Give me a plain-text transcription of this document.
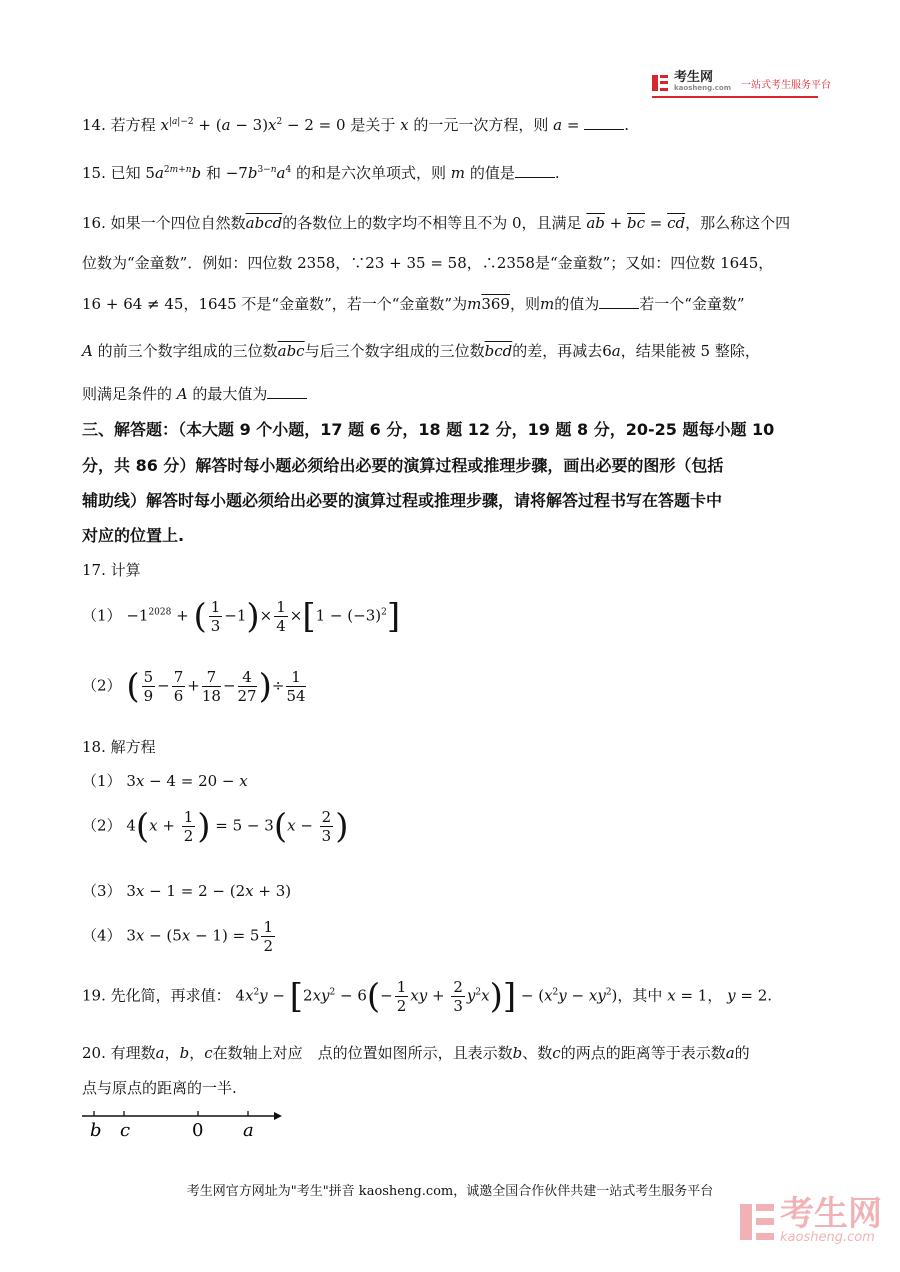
考生网
kaosheng.com 一站式考生服务平台
14. 若方程 $x^{|a|-2} + (a - 3)x^2 - 2 = 0$ 是关于 x 的一元一次方程，则 a =	.
15. 已知 $5a^{2m+n}b$ 和 $-7b^{3-n}a^4$ 的和是六次单项式，则 m 的值是	.
16. 如果一个四位自然数abcd的各数位上的数字均不相等且不为 0，且满足 $\overline{ab} + \overline{bc} = \overline{cd}$，那么称这个四
位数为“金童数”．例如：四位数 2358，∵23 + 35 = 58，∴2358是“金童数”；又如：四位数 1645，
16 + 64 ≠ 45，1645 不是“金童数”，若一个“金童数”为m369，则m的值为	若一个“金童数”
A 的前三个数字组成的三位数$\overline{abc}$与后三个数字组成的三位数$\overline{bcd}$的差，再减去6a，结果能被 5 整除，
则满足条件的 A 的最大值为
三、解答题：（本大题 9 个小题，17 题 6 分，18 题 12 分，19 题 8 分，20-25 题每小题 10
分，共 86 分）解答时每小题必须给出必要的演算过程或推理步骤，画出必要的图形（包括
辅助线）解答时每小题必须给出必要的演算过程或推理步骤，请将解答过程书写在答题卡中
对应的位置上.
17. 计算
$(1) -1^{2028}$ + ( $\frac{1}{3} -1)\times \frac{1}{4} \times[1 - (-3)^2]$
（2） ( $\frac{5}{9} - \frac{7}{6} + \frac{7}{18} - \frac{4}{27}$ )÷ $\frac{1}{54}$
18. 解方程
（1） 3x − 4 = 20 − x
（2） $4(x + \frac{1}{2}$ ) = $5 - 3(x - \frac{2}{3}$ )
（3） 3x − 1 = 2 − (2x + 3)
（4） $3x - (5x - 1) = 5 \frac{1}{2}$
19. 先化简，再求值： $4x^2y - [2xy^2 - 6(- \frac{1}{2}$ xy + $\frac{2}{3} y^2x)] - (x^2y - xy^2)$，其中 x = 1， y = 2.
20. 有理数a，b，c在数轴上对应　点的位置如图所示，且表示数b、数c的两点的距离等于表示数a的
点与原点的距离的一半.
b c	0 a
考生网官方网址为"考生"拼音 kaosheng.com，诚邀全国合作伙伴共建一站式考生服务平台
考生网
kaosheng.com
